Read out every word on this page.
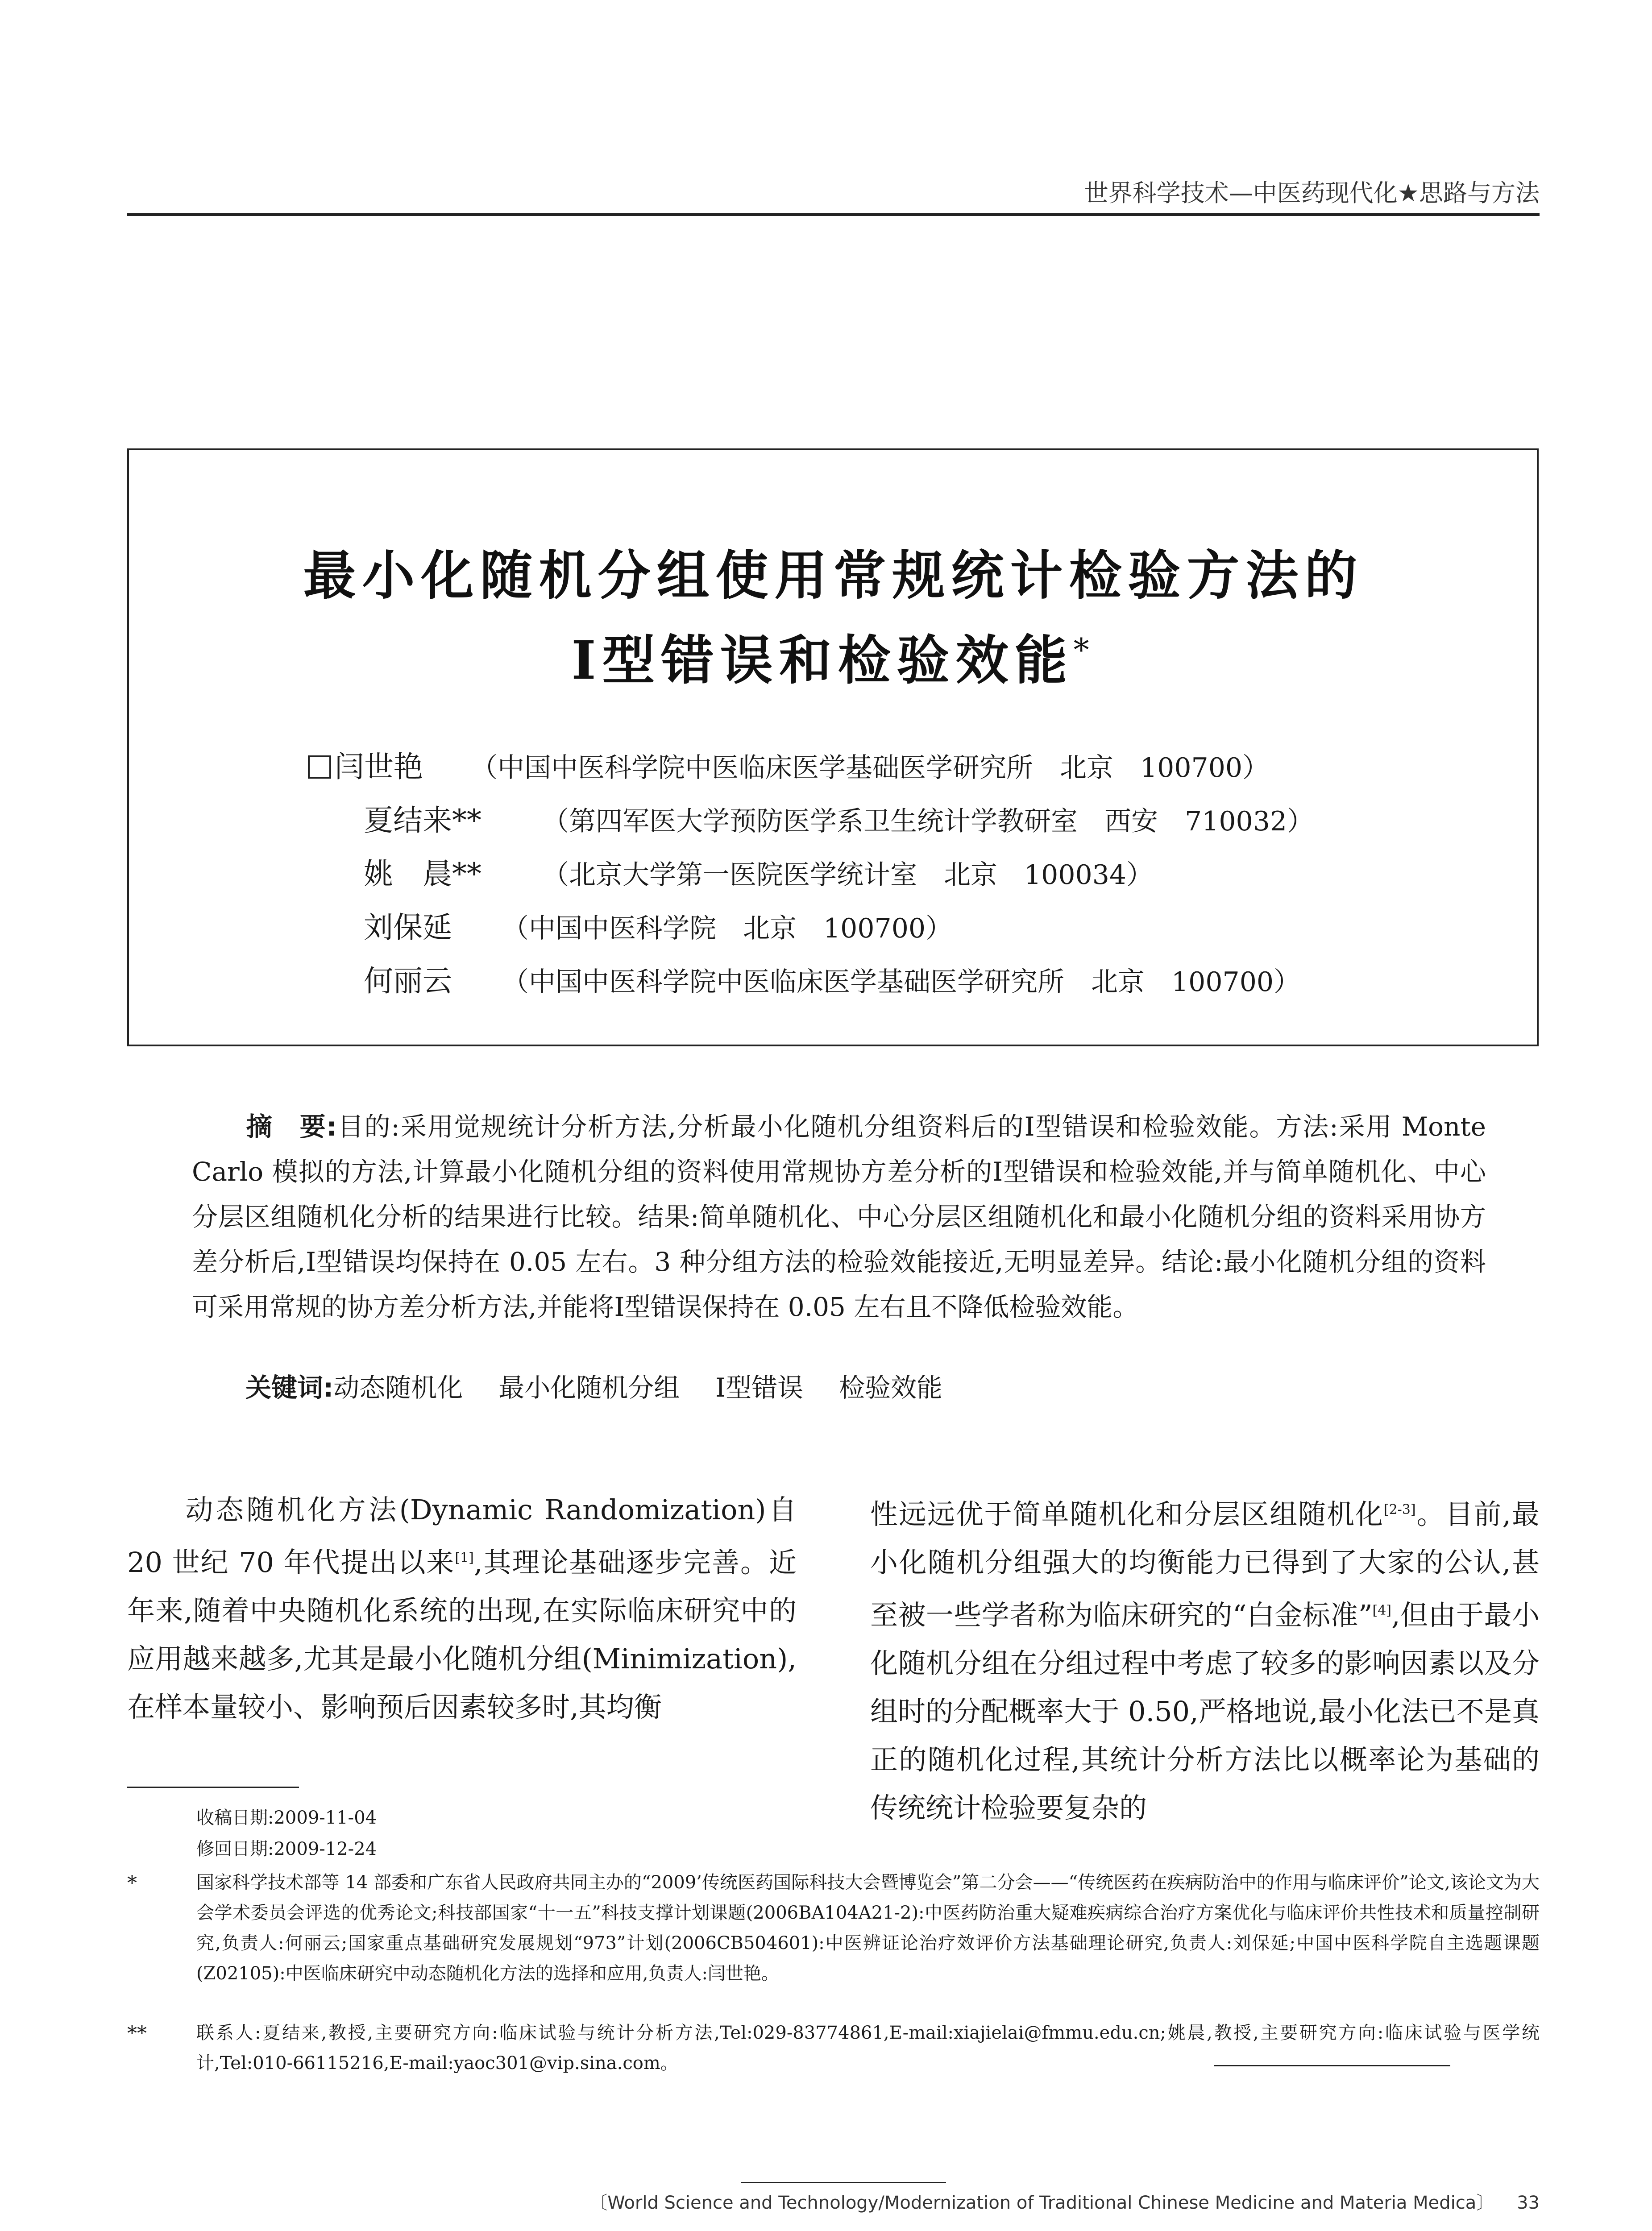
世界科学技术—中医药现代化★思路与方法
最小化随机分组使用常规统计检验方法的
Ⅰ型错误和检验效能*
闫世艳 （中国中医科学院中医临床医学基础医学研究所　北京　100700）
夏结来** （第四军医大学预防医学系卫生统计学教研室　西安　710032）
姚　晨** （北京大学第一医院医学统计室　北京　100034）
刘保延 （中国中医科学院　北京　100700）
何丽云 （中国中医科学院中医临床医学基础医学研究所　北京　100700）
摘　要:目的:采用觉规统计分析方法,分析最小化随机分组资料后的Ⅰ型错误和检验效能。方法:采用 Monte Carlo 模拟的方法,计算最小化随机分组的资料使用常规协方差分析的Ⅰ型错误和检验效能,并与简单随机化、中心分层区组随机化分析的结果进行比较。结果:简单随机化、中心分层区组随机化和最小化随机分组的资料采用协方差分析后,Ⅰ型错误均保持在 0.05 左右。3 种分组方法的检验效能接近,无明显差异。结论:最小化随机分组的资料可采用常规的协方差分析方法,并能将Ⅰ型错误保持在 0.05 左右且不降低检验效能。
关键词:动态随机化 最小化随机分组 Ⅰ型错误 检验效能
动态随机化方法(Dynamic Randomization)自 20 世纪 70 年代提出以来[1],其理论基础逐步完善。近年来,随着中央随机化系统的出现,在实际临床研究中的应用越来越多,尤其是最小化随机分组(Minimization),在样本量较小、影响预后因素较多时,其均衡
性远远优于简单随机化和分层区组随机化[2-3]。目前,最小化随机分组强大的均衡能力已得到了大家的公认,甚至被一些学者称为临床研究的“白金标准”[4],但由于最小化随机分组在分组过程中考虑了较多的影响因素以及分组时的分配概率大于 0.50,严格地说,最小化法已不是真正的随机化过程,其统计分析方法比以概率论为基础的传统统计检验要复杂的
收稿日期:2009-11-04
修回日期:2009-12-24
*	国家科学技术部等 14 部委和广东省人民政府共同主办的“2009’传统医药国际科技大会暨博览会”第二分会——“传统医药在疾病防治中的作用与临床评价”论文,该论文为大会学术委员会评选的优秀论文;科技部国家“十一五”科技支撑计划课题(2006BA104A21-2):中医药防治重大疑难疾病综合治疗方案优化与临床评价共性技术和质量控制研究,负责人:何丽云;国家重点基础研究发展规划“973”计划(2006CB504601):中医辨证论治疗效评价方法基础理论研究,负责人:刘保延;中国中医科学院自主选题课题(Z02105):中医临床研究中动态随机化方法的选择和应用,负责人:闫世艳。
**	联系人:夏结来,教授,主要研究方向:临床试验与统计分析方法,Tel:029-83774861,E-mail:xiajielai@fmmu.edu.cn;姚晨,教授,主要研究方向:临床试验与医学统计,Tel:010-66115216,E-mail:yaoc301@vip.sina.com。
〔World Science and Technology/Modernization of Traditional Chinese Medicine and Materia Medica〕 33
